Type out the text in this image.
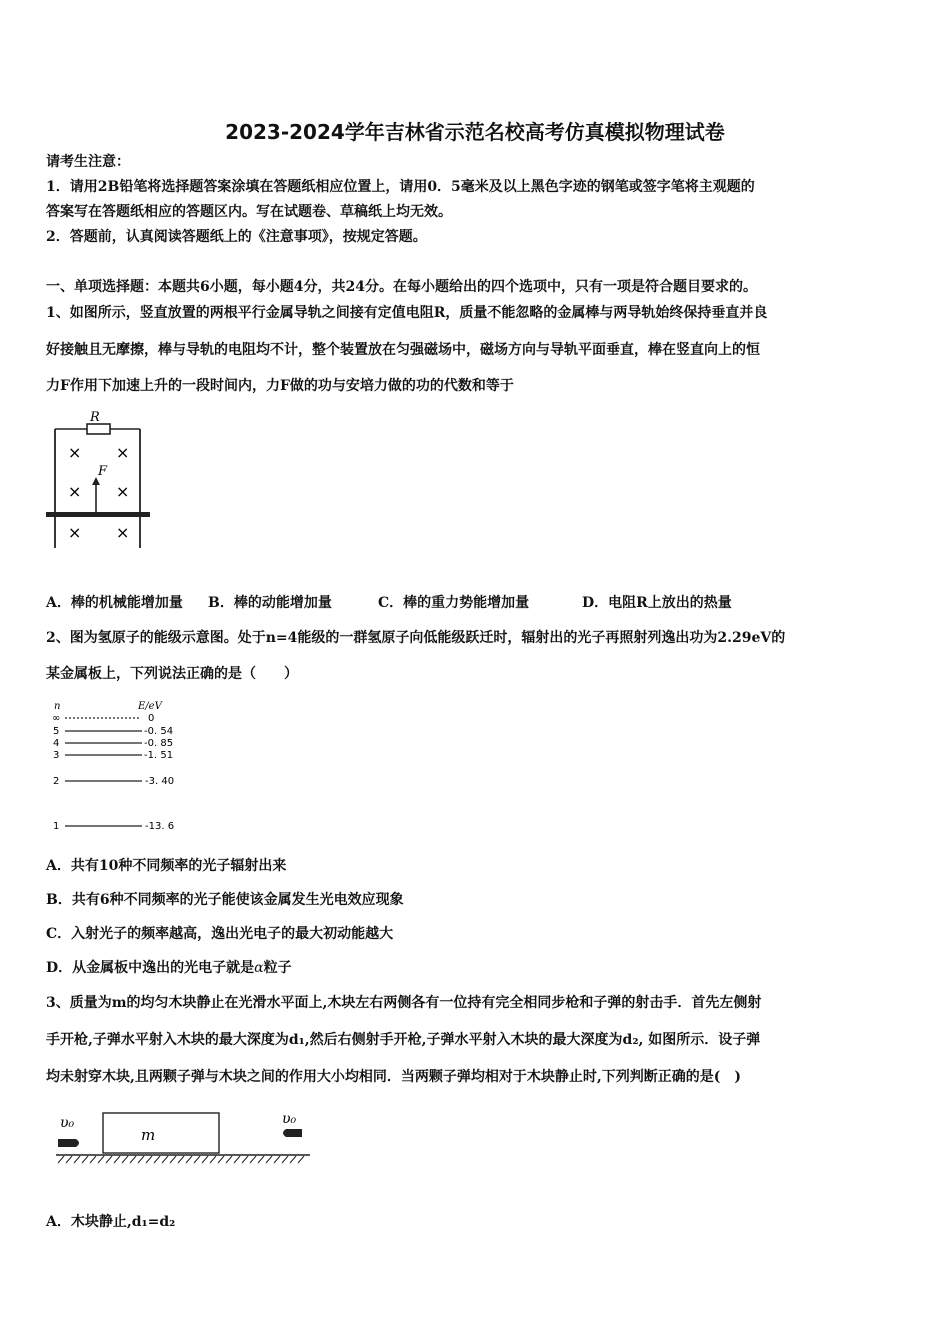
2023-2024学年吉林省示范名校高考仿真模拟物理试卷
请考生注意：
1．请用2B铅笔将选择题答案涂填在答题纸相应位置上，请用0．5毫米及以上黑色字迹的钢笔或签字笔将主观题的
答案写在答题纸相应的答题区内。写在试题卷、草稿纸上均无效。
2．答题前，认真阅读答题纸上的《注意事项》，按规定答题。
一、单项选择题：本题共6小题，每小题4分，共24分。在每小题给出的四个选项中，只有一项是符合题目要求的。
1、如图所示，竖直放置的两根平行金属导轨之间接有定值电阻R，质量不能忽略的金属棒与两导轨始终保持垂直并良
好接触且无摩擦，棒与导轨的电阻均不计，整个装置放在匀强磁场中，磁场方向与导轨平面垂直，棒在竖直向上的恒
力F作用下加速上升的一段时间内，力F做的功与安培力做的功的代数和等于
R
× ×
× ×
× ×
F
A．棒的机械能增加量 B．棒的动能增加量	C．棒的重力势能增加量	D．电阻R上放出的热量
2、图为氢原子的能级示意图。处于n=4能级的一群氢原子向低能级跃迁时，辐射出的光子再照射列逸出功为2.29eV的
某金属板上，下列说法正确的是（　　）
n	E/eV
∞	0
5	-0. 54
4	-0. 85
3	-1. 51
2	-3. 40
1	-13. 6
A．共有10种不同频率的光子辐射出来
B．共有6种不同频率的光子能使该金属发生光电效应现象
C．入射光子的频率越高，逸出光电子的最大初动能越大
D．从金属板中逸出的光电子就是α粒子
3、质量为m的均匀木块静止在光滑水平面上,木块左右两侧各有一位持有完全相同步枪和子弹的射击手．首先左侧射
手开枪,子弹水平射入木块的最大深度为d₁,然后右侧射手开枪,子弹水平射入木块的最大深度为d₂, 如图所示．设子弹
均未射穿木块,且两颗子弹与木块之间的作用大小均相同．当两颗子弹均相对于木块静止时,下列判断正确的是(　)
υ₀
m
υ₀
A．木块静止,d₁=d₂
